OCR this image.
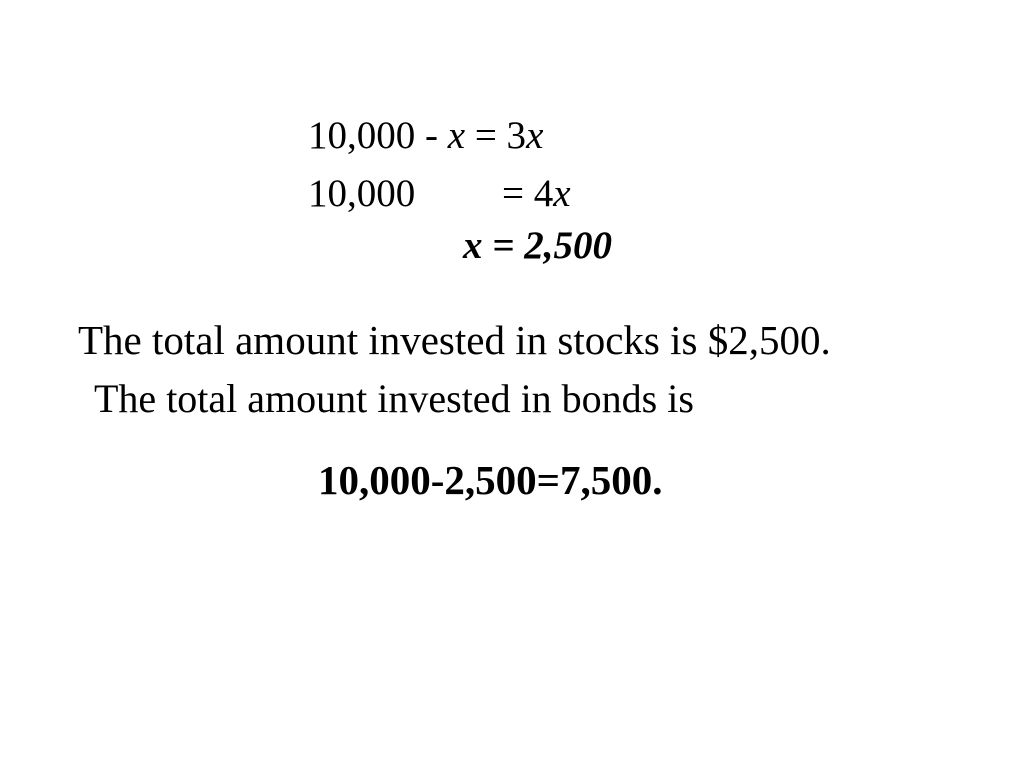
10,000 - x = 3x
10,000 = 4x
x = 2,500
The total amount invested in stocks is $2,500.
The total amount invested in bonds is
10,000-2,500=7,500.
